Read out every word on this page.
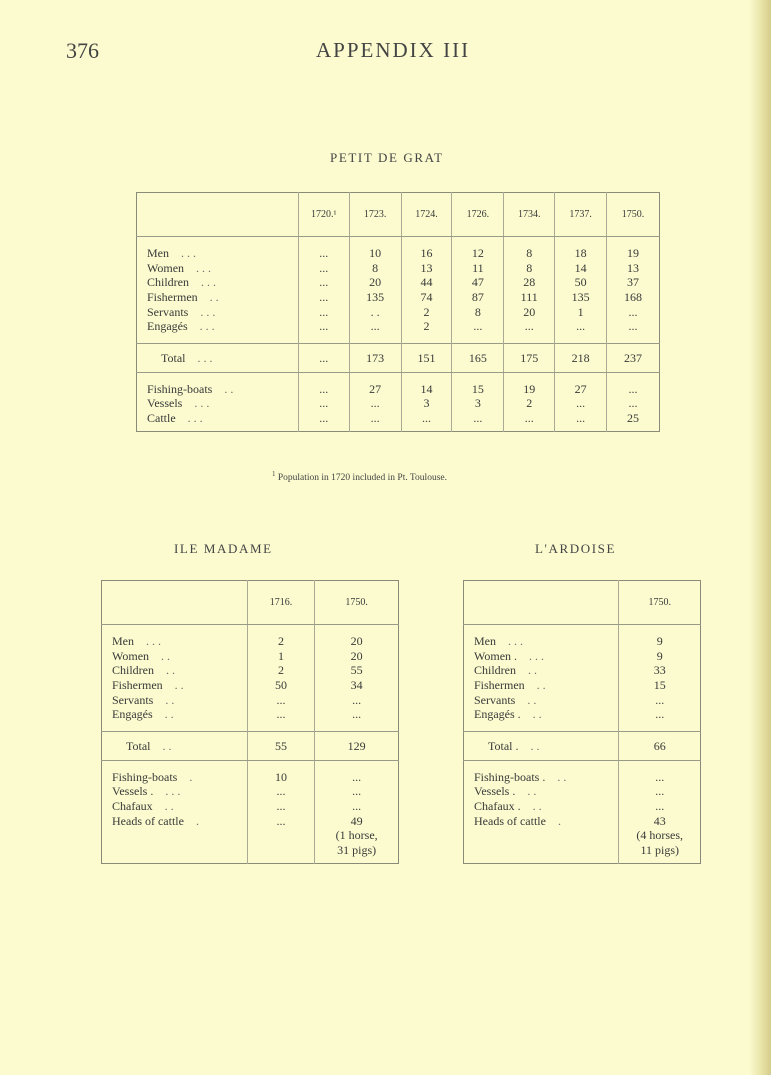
376	APPENDIX III
PETIT DE GRAT
	1720.¹	1723.	1724.	1726.	1734.	1737.	1750.

Men  . . .	...	10	16	12	8	18	19
Women  . . .	...	8	13	11	8	14	13
Children  . . .	...	20	44	47	28	50	37
Fishermen  . .	...	135	74	87	111	135	168
Servants  . . .	...	. .	2	8	20	1	...
Engagés  . . .	...	...	2	...	...	...	...

Total  . . .	...	173	151	165	175	218	237

Fishing-boats  . .	...	27	14	15	19	27	...
Vessels  . . .	...	...	3	3	2	...	...
Cattle  . . .	...	...	...	...	...	...	25

$^1$ Population in 1720 included in Pt. Toulouse.
ILE MADAME
	1716.	1750.

Men  . . .	2	20
Women  . .	1	20
Children  . .	2	55
Fishermen  . .	50	34
Servants  . .	...	...
Engagés  . .	...	...

Total  . .	55	129

Fishing-boats  .	10	...
Vessels .  . . .	...	...
Chafaux  . .	...	...
Heads of cattle  .	...	49
		(1 horse,
		31 pigs)

L'ARDOISE
	1750.

Men  . . .	9
Women .  . . .	9
Children  . .	33
Fishermen  . .	15
Servants  . .	...
Engagés .  . .	...

Total .  . .	66

Fishing-boats .  . .	...
Vessels .  . .	...
Chafaux .  . .	...
Heads of cattle  .	43
	(4 horses,
	11 pigs)
